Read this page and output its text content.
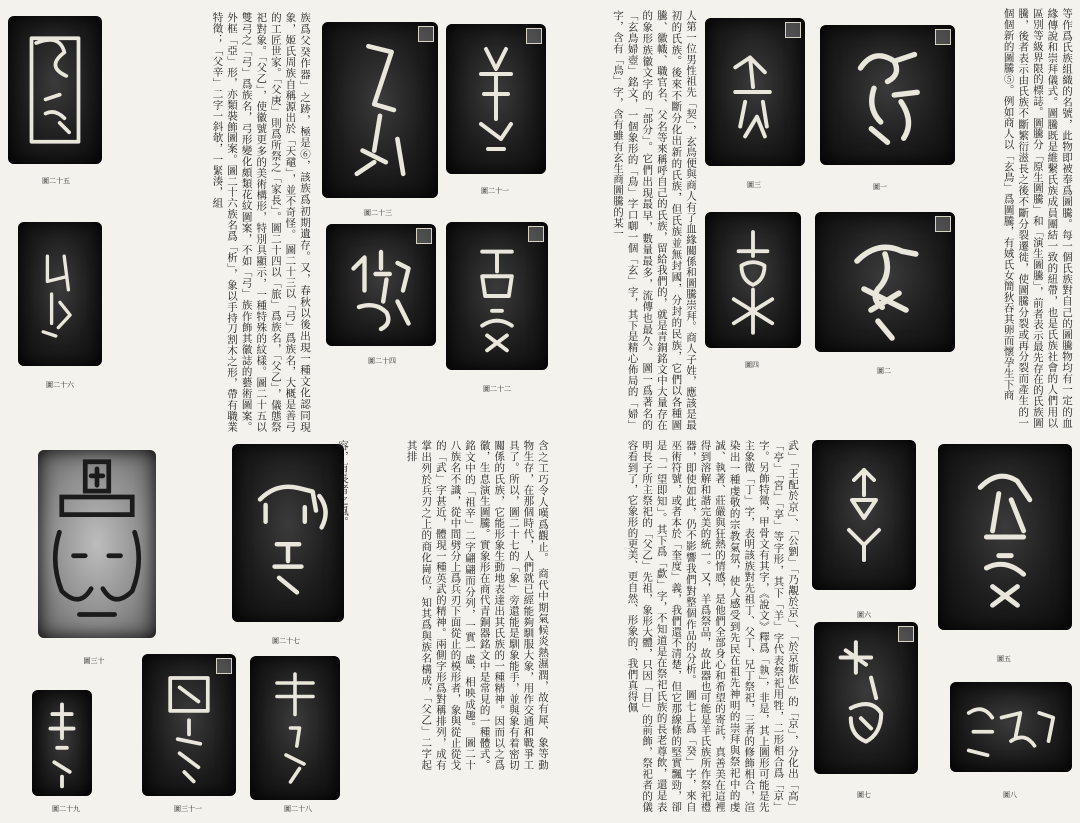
等作爲氏族組織的名號，此物即被奉爲圖騰。每一個氏族對自己的圖騰物均有一定的血緣傳說和崇拜儀式。圖騰既是維繫氏族成員團結一致的紐帶，也是氏族社會的人們用以區別等級界限的標誌。圖騰分「原生圖騰」和「演生圖騰」，前者表示最先存在的氏族圖騰，後者表示由氏族不斷繁衍滋長之後不斷分裂遷徙，使圖騰分裂或再分裂而產生的一個個新的圖騰⑤。例如商人以「玄鳥」爲圖騰，有娀氏女簡狄吞其卵而懷孕生下商
圖一
圖二
圖三
圖四
人第一位男性祖先「契」，玄鳥便與商人有了血緣關係和圖騰崇拜。商人子姓，應該是最初的氏族。後來不斷分化出新的氏族，但氏族並無封國，分封的民族，它們以各種圖騰、徽幟、職官名、父名等來稱呼自己的氏族，留給我們的，就是青銅銘文中大量存在的象形族徽文字的「部分」。它們出現最早，數量最多，流傳也最久。 圖一爲著名的「玄鳥婦壺」銘文，一個象形的「鳥」字口啣一個「玄」字，其下是精心佈局的「婦」字，含有「鳥」字，含有雖有玄生商圖騰的某一
圖二十一
圖二十二
圖二十三
圖二十四
族爲父癸作器」之跡，極是⑥，該族爲初期遺存。又，春秋以後出現一種文化認同現象，姬氏周族自稱源出於「天黿」，並不奇怪。 圖二十三以「弓」爲族名，大概是善弓的工匠世家。「父庚」則爲所祭之「家長」。圖二十四以「旅」爲族名，「父乙」，儀態祭祀對象。「父乙」，使徽號更多的美術構形，特別具顯示，一種特殊的紋樣。圖二十五以雙弓之「弓」爲族名，弓形變化頗類花紋圖案，不如「弓」族作飾其徽誌的藝術圖案。外框「亞」形，亦類裝飾圖案。圖二十六族名爲「析」，象以手持刀割木之形，帶有職業特徵；「父辛」二字一斜欹，一緊湊，組
圖二十五
圖二十六
武」「王配於京」、「公劉」「乃覯於京」、「於京斯依」的「京」，分化出「高」「亭」「宮」「享」等字形，其下「羊」字代表祭祀用牲，二形相合爲「京」字。另飾特徵，甲骨文有其字，《說文》釋爲「執」，非是，其上圖形可能是先主象徵「丁」字，表明該族對先祖丁、父丁、兄丁祭祀，三者的修飾相合，渲染出一種虔敬的宗教氣氛，使人感受到先民在祖先神明的崇拜與祭祀中的虔誠、執著、莊嚴與狂熱的情感，是他們全部身心和希望的寄託，真善美在這裡得到溶解和諧完美的統一。又，羊爲祭品，故此器也可能是羊氏族所作祭祀禮器，即使如此，仍不影響我們對整個作品的分析。 圖七上爲「癸」字，來自巫術符號，或者本於「奎度」義，我們還不清楚，但它那線條的堅實飄勁，卻是「一望即知」。其下爲「歔」字，不知道是在祭祀氏族的長老尊飲，還是表明長子所主祭祀的「父乙」先祖，象形大體，只因「目」的前飾，祭祀者的儀容看到了，它象形的更美、更自然、形象的、我們真得佩	圖五
圖六
圖七	圖八
含之工巧令人嘆爲觀止。 商代中期氣候炎熱濕潤，故有犀、象等動物生存，在那個時代，人們就已經能夠馴服大象，用作交通和戰爭工具了。所以，圖二十七的「象」旁還能是馴象能手，並與象有着密切關係的氏族，它能形象生動地表達出其氏族的一種精神。因而以之爲徽，生息演生圖騰。實象形在商代青銅器銘文中是常見的一種體式。銘文中的「祖辛」二字翩翩而分列，一實一虛，相映成趣。 圖二十八族名不識，從中間劈分上爲兵刃下面從止的模形者，象與從止從戈的「武」字甚近，體現一種英武的精神。兩側字形爲對稱排列，成有掌出列於兵刃之上的商化崗位，知其爲與族名構成，「父乙」二字起其排
圖二十七
圖二十八
圖三十一
容，有長者之風。
圖三十
圖二十九
